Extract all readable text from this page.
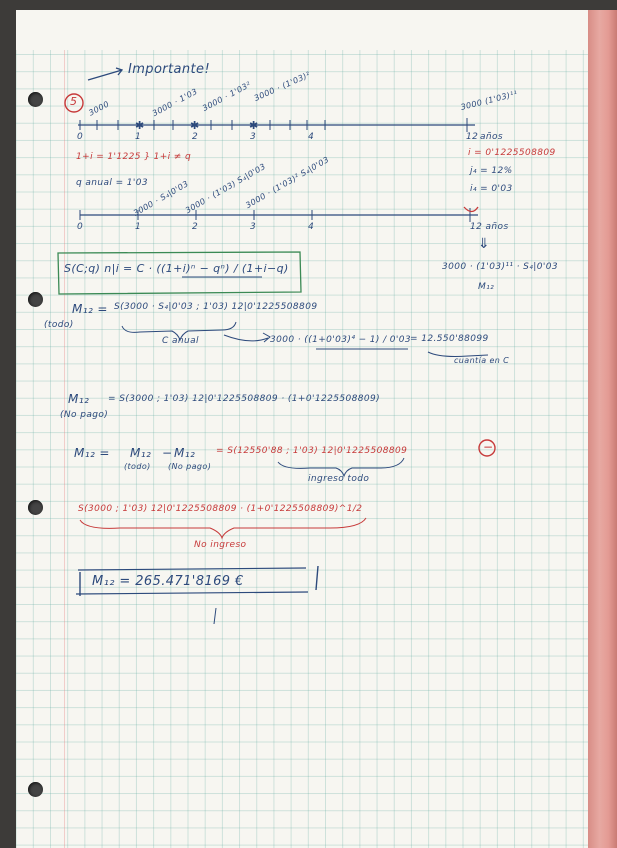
✱	✱	✱
Importante!
5
0	1	2	3	4	12 años
3000	3000 · 1'03 3000 · 1'03² 3000 · (1'03)²	3000 (1'03)¹¹
1+i = 1'1225 } 1+i ≠ q
q anual = 1'03
i = 0'1225508809
j₄ = 12%
i₄ = 0'03
0	1	2	3	4
3000 · S₄|0'03
3000 · (1'03) S₄|0'03
3000 · (1'03)² S₄|0'03
12 años
⇓
3000 · (1'03)¹¹ · S₄|0'03
M₁₂
S(C;q) n|i = C · ((1+i)ⁿ − qⁿ) / (1+i−q)
M₁₂ =
(todo)
S(3000 · S₄|0'03 ; 1'03) 12|0'1225508809
C anual	3000 · ((1+0'03)⁴ − 1) / 0'03
= 12.550'88099
cuantía en C
M₁₂
(No pago)
= S(3000 ; 1'03) 12|0'1225508809 · (1+0'1225508809)
M₁₂ = M₁₂
(todo)
− M₁₂
(No pago)
= S(12550'88 ; 1'03) 12|0'1225508809
ingreso todo
−
S(3000 ; 1'03) 12|0'1225508809 · (1+0'1225508809)^1/2
No ingreso
M₁₂ = 265.471'8169 €
